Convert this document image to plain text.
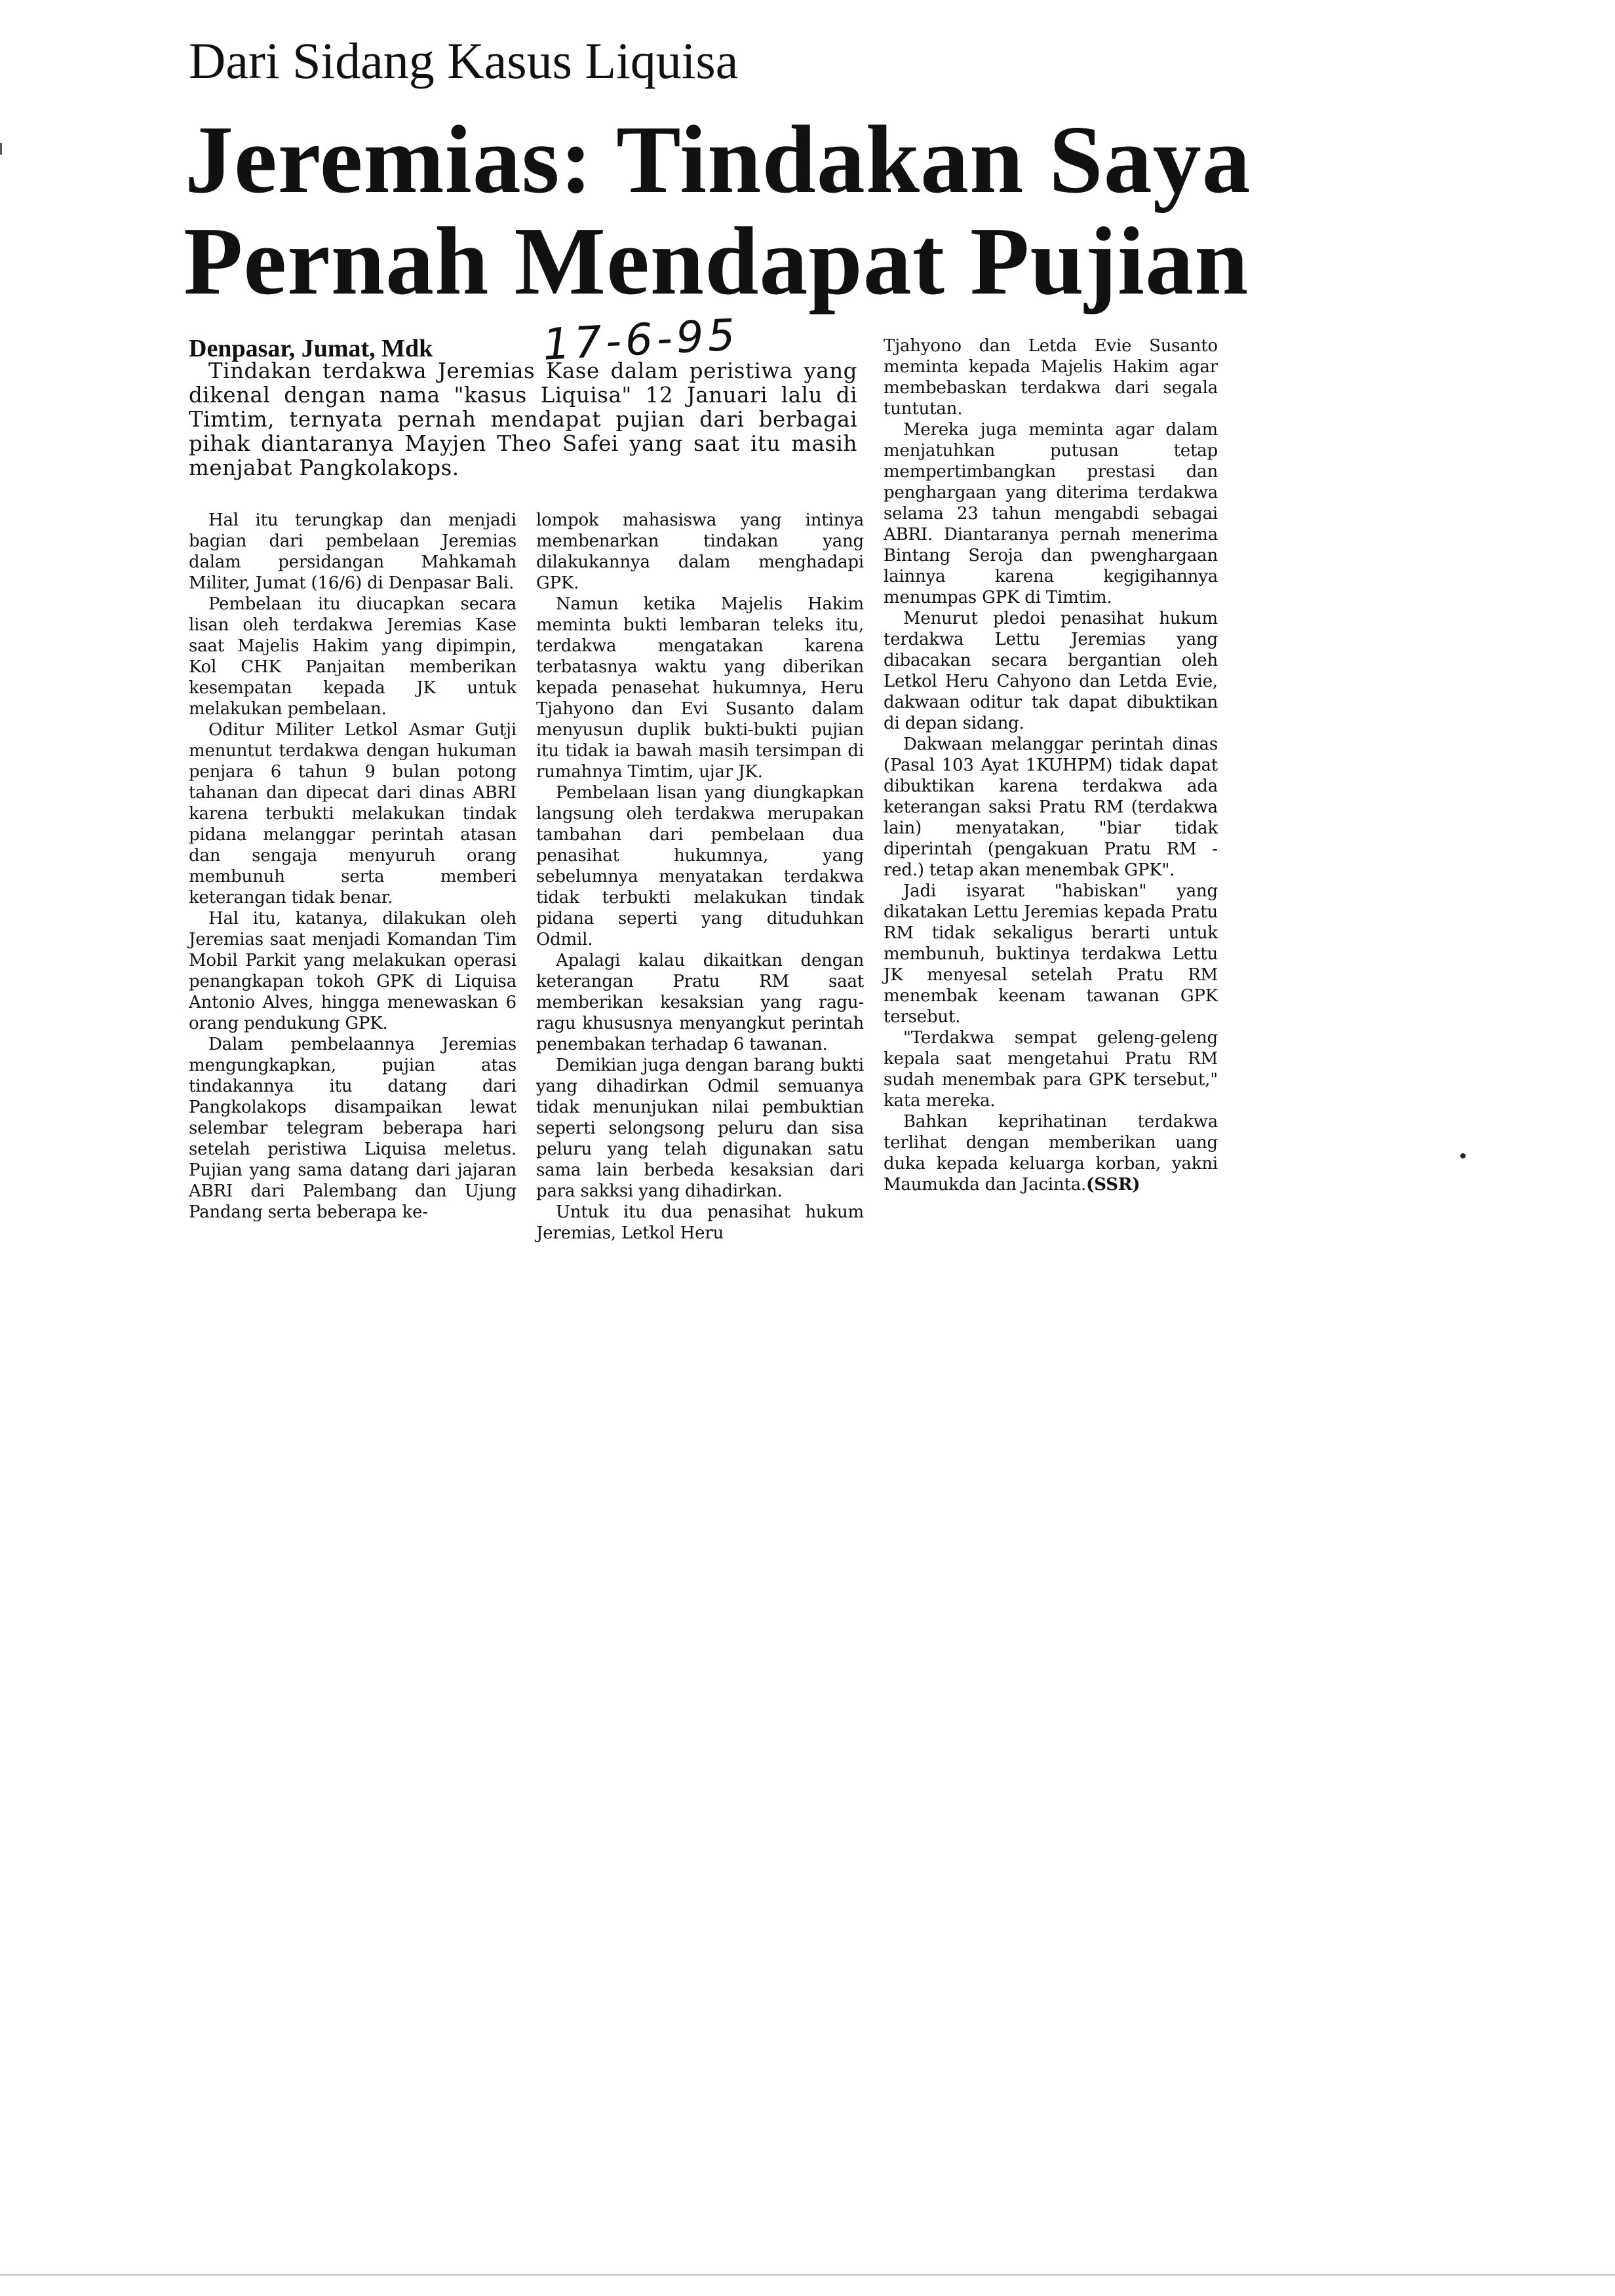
Dari Sidang Kasus Liquisa
Jeremias: Tindakan Saya
Pernah Mendapat Pujian
Denpasar, Jumat, Mdk	17-6-95

Tindakan terdakwa Jeremias Kase dalam peristiwa yang dikenal dengan nama "kasus Liquisa" 12 Januari lalu di Timtim, ternyata pernah mendapat pujian dari berbagai pihak diantaranya Mayjen Theo Safei yang saat itu masih menjabat Pangkolakops.

Hal itu terungkap dan menjadi bagian dari pembelaan Jeremias dalam persidangan Mahkamah Militer, Jumat (16/6) di Denpasar Bali.

Pembelaan itu diucapkan secara lisan oleh terdakwa Jeremias Kase saat Majelis Hakim yang dipimpin, Kol CHK Panjaitan memberikan kesempatan kepada JK untuk melakukan pembelaan.

Oditur Militer Letkol Asmar Gutji menuntut terdakwa dengan hukuman penjara 6 tahun 9 bulan potong tahanan dan dipecat dari dinas ABRI karena terbukti melakukan tindak pidana melanggar perintah atasan dan sengaja menyuruh orang membunuh serta memberi keterangan tidak benar.

Hal itu, katanya, dilakukan oleh Jeremias saat menjadi Komandan Tim Mobil Parkit yang melakukan operasi penangkapan tokoh GPK di Liquisa Antonio Alves, hingga menewaskan 6 orang pendukung GPK.

Dalam pembelaannya Jeremias mengungkapkan, pujian atas tindakannya itu datang dari Pangkolakops disampaikan lewat selembar telegram beberapa hari setelah peristiwa Liquisa meletus. Pujian yang sama datang dari jajaran ABRI dari Palembang dan Ujung Pandang serta beberapa ke-

lompok mahasiswa yang intinya membenarkan tindakan yang dilakukannya dalam menghadapi GPK.

Namun ketika Majelis Hakim meminta bukti lembaran teleks itu, terdakwa mengatakan karena terbatasnya waktu yang diberikan kepada penasehat hukumnya, Heru Tjahyono dan Evi Susanto dalam menyusun duplik bukti-bukti pujian itu tidak ia bawah masih tersimpan di rumahnya Timtim, ujar JK.

Pembelaan lisan yang diungkapkan langsung oleh terdakwa merupakan tambahan dari pembelaan dua penasihat hukumnya, yang sebelumnya menyatakan terdakwa tidak terbukti melakukan tindak pidana seperti yang dituduhkan Odmil.

Apalagi kalau dikaitkan dengan keterangan Pratu RM saat memberikan kesaksian yang ragu-ragu khususnya menyangkut perintah penembakan terhadap 6 tawanan.

Demikian juga dengan barang bukti yang dihadirkan Odmil semuanya tidak menunjukan nilai pembuktian seperti selongsong peluru dan sisa peluru yang telah digunakan satu sama lain berbeda kesaksian dari para sakksi yang dihadirkan.

Untuk itu dua penasihat hukum Jeremias, Letkol Heru

Tjahyono dan Letda Evie Susanto meminta kepada Majelis Hakim agar membebaskan terdakwa dari segala tuntutan.

Mereka juga meminta agar dalam menjatuhkan putusan tetap mempertimbangkan prestasi dan penghargaan yang diterima terdakwa selama 23 tahun mengabdi sebagai ABRI. Diantaranya pernah menerima Bintang Seroja dan pwenghargaan lainnya karena kegigihannya menumpas GPK di Timtim.

Menurut pledoi penasihat hukum terdakwa Lettu Jeremias yang dibacakan secara bergantian oleh Letkol Heru Cahyono dan Letda Evie, dakwaan oditur tak dapat dibuktikan di depan sidang.

Dakwaan melanggar perintah dinas (Pasal 103 Ayat 1KUHPM) tidak dapat dibuktikan karena terdakwa ada keterangan saksi Pratu RM (terdakwa lain) menyatakan, "biar tidak diperintah (pengakuan Pratu RM - red.) tetap akan menembak GPK".

Jadi isyarat "habiskan" yang dikatakan Lettu Jeremias kepada Pratu RM tidak sekaligus berarti untuk membunuh, buktinya terdakwa Lettu JK menyesal setelah Pratu RM menembak keenam tawanan GPK tersebut.

"Terdakwa sempat geleng-geleng kepala saat mengetahui Pratu RM sudah menembak para GPK tersebut," kata mereka.

Bahkan keprihatinan terdakwa terlihat dengan memberikan uang duka kepada keluarga korban, yakni Maumukda dan Jacinta.(SSR)
